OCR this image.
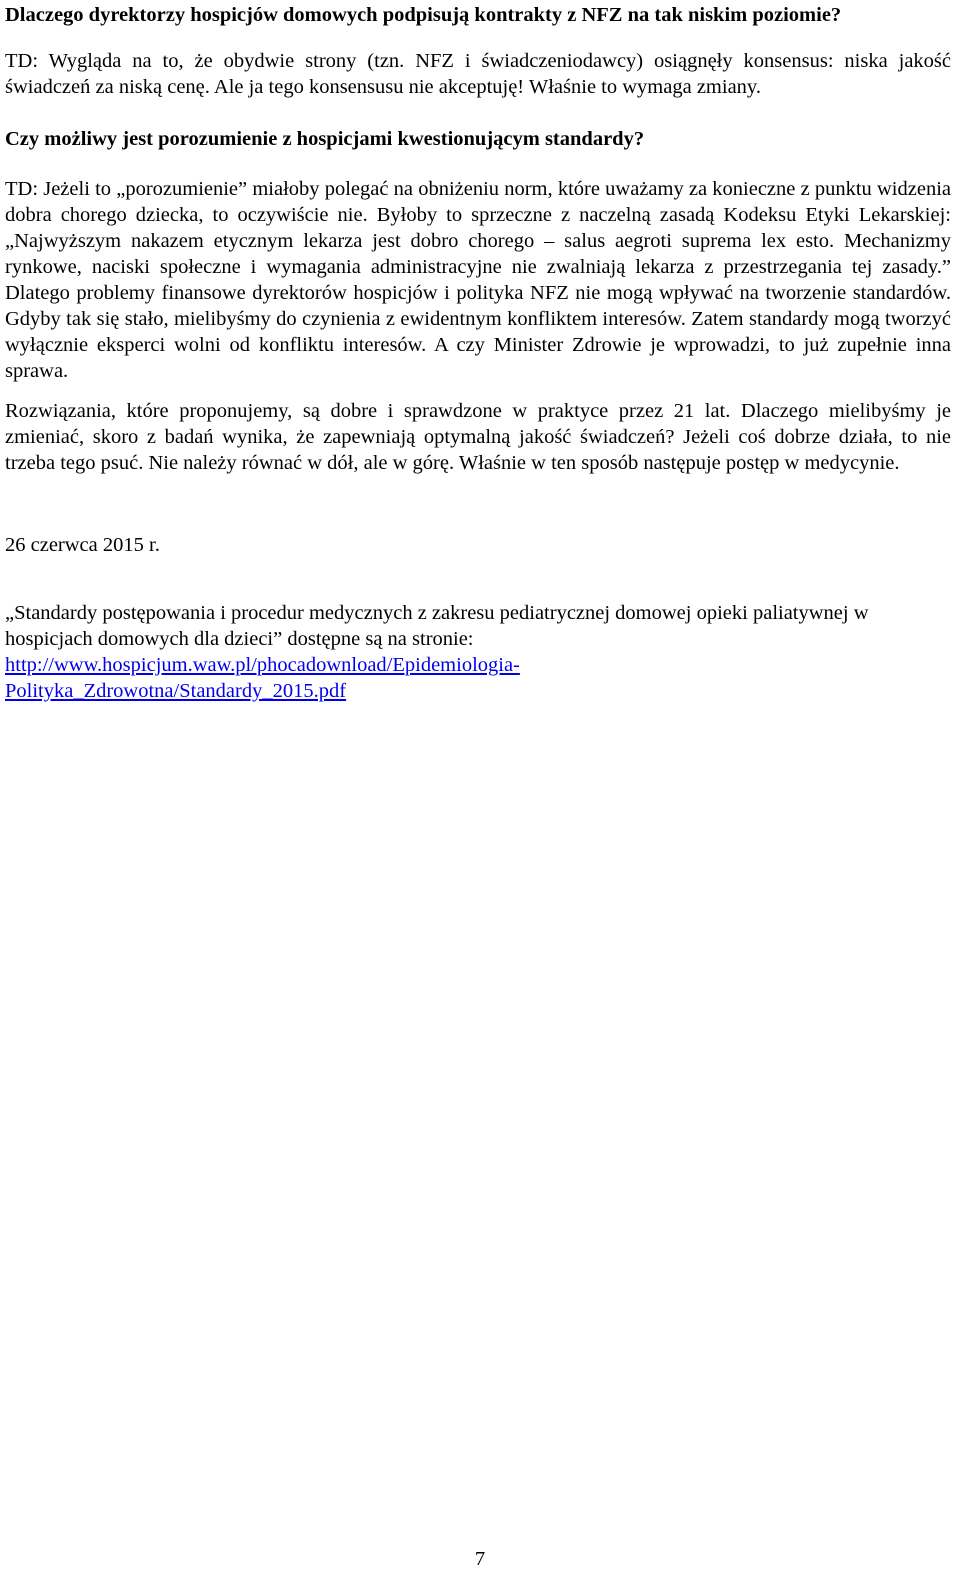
Dlaczego dyrektorzy hospicjów domowych podpisują kontrakty z NFZ na tak niskim poziomie?

TD: Wygląda na to, że obydwie strony (tzn. NFZ i świadczeniodawcy) osiągnęły konsensus: niska jakość świadczeń za niską cenę. Ale ja tego konsensusu nie akceptuję! Właśnie to wymaga zmiany.

Czy możliwy jest porozumienie z hospicjami kwestionującym standardy?

TD: Jeżeli to „porozumienie” miałoby polegać na obniżeniu norm, które uważamy za konieczne z punktu widzenia dobra chorego dziecka, to oczywiście nie. Byłoby to sprzeczne z naczelną zasadą Kodeksu Etyki Lekarskiej: „Najwyższym nakazem etycznym lekarza jest dobro chorego – salus aegroti suprema lex esto. Mechanizmy rynkowe, naciski społeczne i wymagania administracyjne nie zwalniają lekarza z przestrzegania tej zasady.” Dlatego problemy finansowe dyrektorów hospicjów i polityka NFZ nie mogą wpływać na tworzenie standardów. Gdyby tak się stało, mielibyśmy do czynienia z ewidentnym konfliktem interesów. Zatem standardy mogą tworzyć wyłącznie eksperci wolni od konfliktu interesów. A czy Minister Zdrowie je wprowadzi, to już zupełnie inna sprawa.

Rozwiązania, które proponujemy, są dobre i sprawdzone w praktyce przez 21 lat. Dlaczego mielibyśmy je zmieniać, skoro z badań wynika, że zapewniają optymalną jakość świadczeń? Jeżeli coś dobrze działa, to nie trzeba tego psuć. Nie należy równać w dół, ale w górę. Właśnie w ten sposób następuje postęp w medycynie.

26 czerwca 2015 r.

„Standardy postępowania i procedur medycznych z zakresu pediatrycznej domowej opieki paliatywnej w hospicjach domowych dla dzieci” dostępne są na stronie:

http://www.hospicjum.waw.pl/phocadownload/Epidemiologia-
Polityka_Zdrowotna/Standardy_2015.pdf

7
